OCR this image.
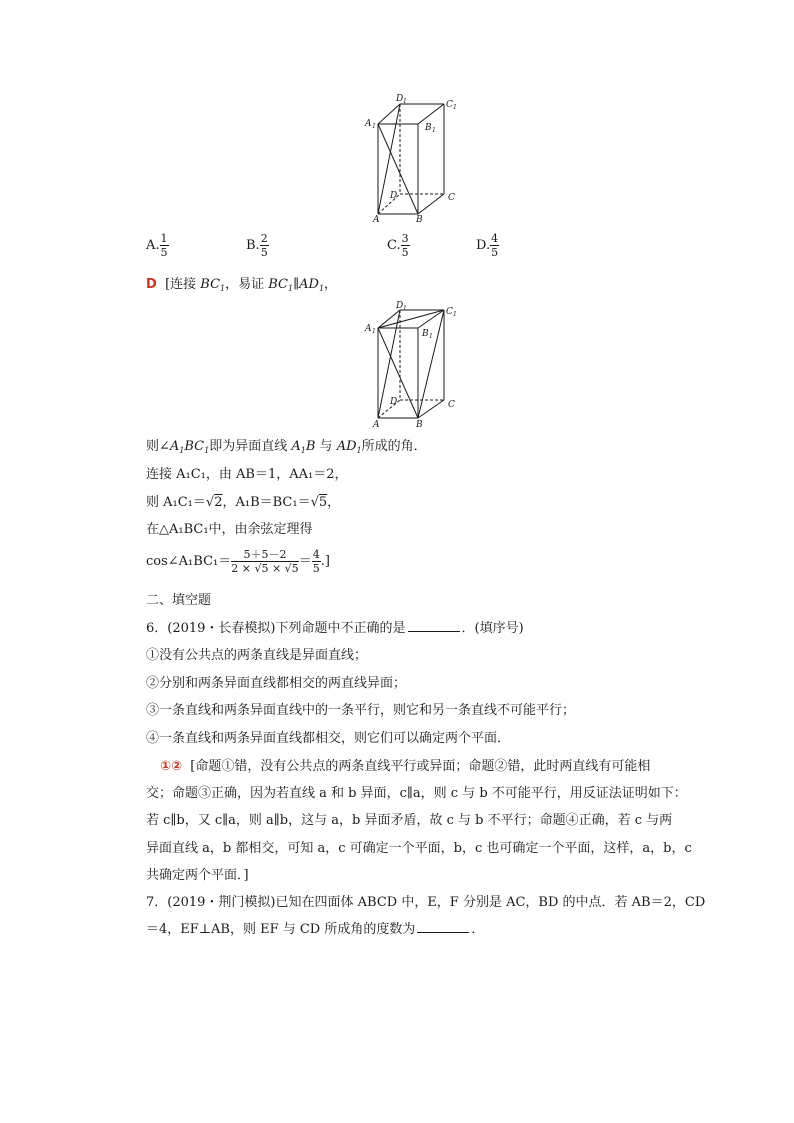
D 1	C 1
A 1	B 1
D	C
A	B
A. $\frac{1}{5}$	B. $\frac{2}{5}$	C. $\frac{3}{5}$	D. $\frac{4}{5}$
D [连接 $BC_1$，易证 $BC_1\parallel AD_1$，
D 1	C 1
A 1	B 1
D	C
A	B
则$\angle A_1BC_1$即为异面直线 $A_1B$ 与 $AD_1$所成的角．
连接 A₁C₁，由 AB＝1，AA₁＝2，
则 A₁C₁＝√2，A₁B＝BC₁＝√5，
在△A₁BC₁中，由余弦定理得
cos∠A₁BC₁＝ $\frac{5+5-2}{2 \times √5 \times √5} = \frac{4}{5}$ .]
二、填空题
6．(2019・长春模拟)下列命题中不正确的是	．(填序号)
①没有公共点的两条直线是异面直线；
②分别和两条异面直线都相交的两直线异面；
③一条直线和两条异面直线中的一条平行，则它和另一条直线不可能平行；
④一条直线和两条异面直线都相交，则它们可以确定两个平面．
①② [命题①错，没有公共点的两条直线平行或异面；命题②错，此时两直线有可能相
交；命题③正确，因为若直线 a 和 b 异面，c∥a，则 c 与 b 不可能平行，用反证法证明如下：
若 c∥b，又 c∥a，则 a∥b，这与 a，b 异面矛盾，故 c 与 b 不平行；命题④正确，若 c 与两
异面直线 a，b 都相交，可知 a，c 可确定一个平面，b，c 也可确定一个平面，这样，a，b，c
共确定两个平面．]
7．(2019・荆门模拟)已知在四面体 ABCD 中，E，F 分别是 AC，BD 的中点．若 AB＝2，CD
＝4，EF⊥AB，则 EF 与 CD 所成角的度数为	．
